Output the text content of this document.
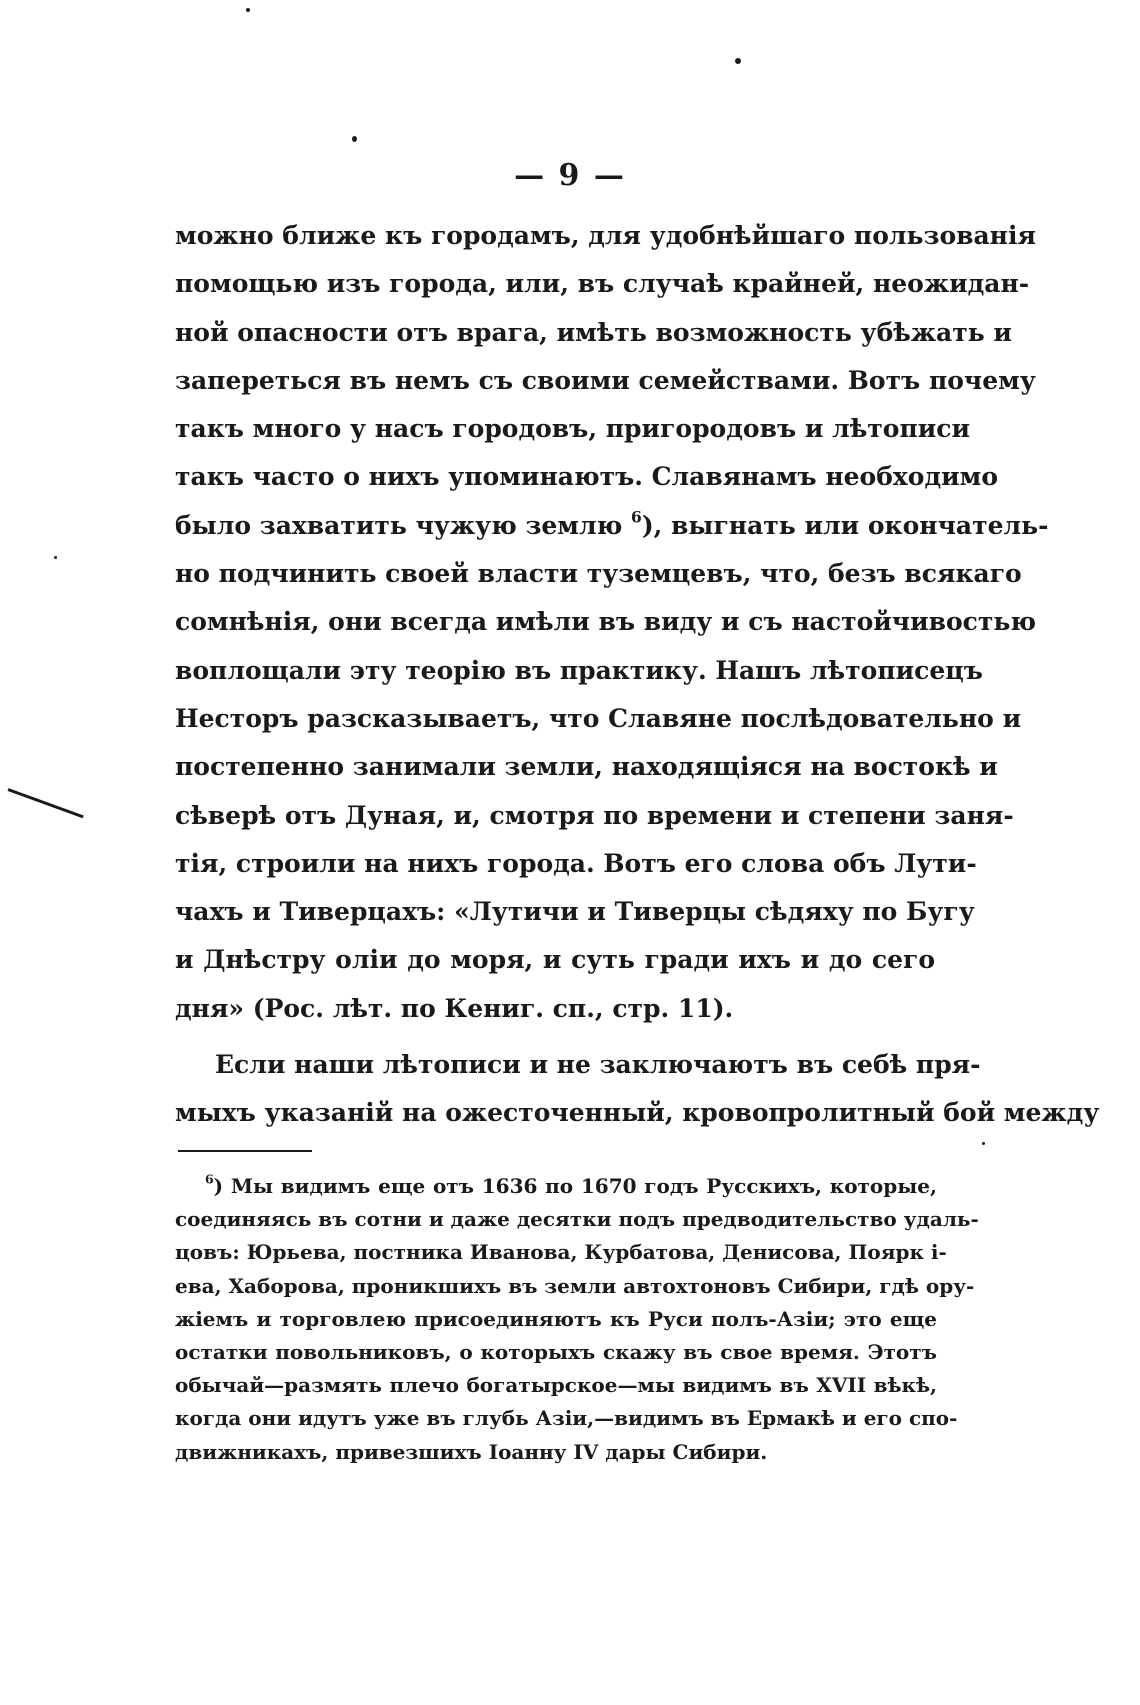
— 9 —
можно ближе къ городамъ, для удобнѣйшаго пользованія
помощью изъ города, или, въ случаѣ крайней, неожидан-
ной опасности отъ врага, имѣть возможность убѣжать и
запереться въ немъ съ своими семействами. Вотъ почему
такъ много у насъ городовъ, пригородовъ и лѣтописи
такъ часто о нихъ упоминаютъ. Славянамъ необходимо
было захватить чужую землю $^6$), выгнать или окончатель-
но подчинить своей власти туземцевъ, что, безъ всякаго
сомнѣнія, они всегда имѣли въ виду и съ настойчивостью
воплощали эту теорію въ практику. Нашъ лѣтописецъ
Несторъ разсказываетъ, что Славяне послѣдовательно и
постепенно занимали земли, находящіяся на востокѣ и
сѣверѣ отъ Дуная, и, смотря по времени и степени заня-
тія, строили на нихъ города. Вотъ его слова объ Лути-
чахъ и Тиверцахъ: «Лутичи и Тиверцы сѣдяху по Бугу
и Днѣстру оліи до моря, и суть гради ихъ и до сего
дня» (Рос. лѣт. по Кениг. сп., стр. 11).
Если наши лѣтописи и не заключаютъ въ себѣ пря-
мыхъ указаній на ожесточенный, кровопролитный бой между
$^6$) Мы видимъ еще отъ 1636 по 1670 годъ Русскихъ, которые,
соединяясь въ сотни и даже десятки подъ предводительство удаль-
цовъ: Юрьева, постника Иванова, Курбатова, Денисова, Поярк і-
ева, Хаборова, проникшихъ въ земли автохтоновъ Сибири, гдѣ ору-
жіемъ и торговлею присоединяютъ къ Руси полъ-Азіи; это еще
остатки повольниковъ, о которыхъ скажу въ свое время. Этотъ
обычай—размять плечо богатырское—мы видимъ въ XVII вѣкѣ,
когда они идутъ уже въ глубь Азіи,—видимъ въ Ермакѣ и его спо-
движникахъ, привезшихъ Іоанну IV дары Сибири.
